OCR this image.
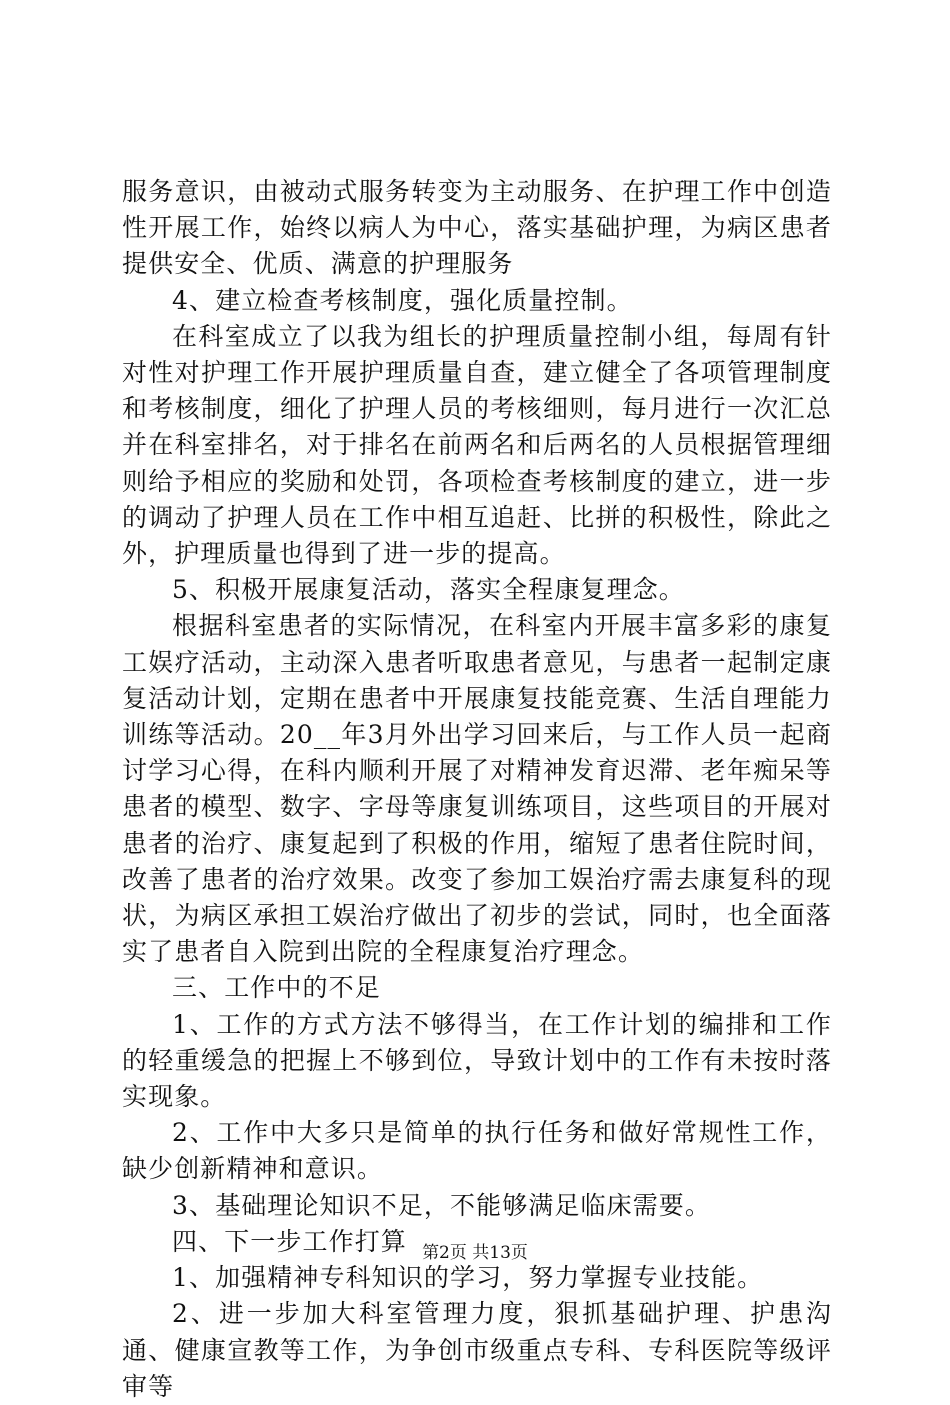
服务意识，由被动式服务转变为主动服务、在护理工作中创造性开展工作，始终以病人为中心，落实基础护理，为病区患者提供安全、优质、满意的护理服务

4、建立检查考核制度，强化质量控制。

在科室成立了以我为组长的护理质量控制小组，每周有针对性对护理工作开展护理质量自查，建立健全了各项管理制度和考核制度，细化了护理人员的考核细则，每月进行一次汇总并在科室排名，对于排名在前两名和后两名的人员根据管理细则给予相应的奖励和处罚，各项检查考核制度的建立，进一步的调动了护理人员在工作中相互追赶、比拼的积极性，除此之外，护理质量也得到了进一步的提高。

5、积极开展康复活动，落实全程康复理念。

根据科室患者的实际情况，在科室内开展丰富多彩的康复工娱疗活动，主动深入患者听取患者意见，与患者一起制定康复活动计划，定期在患者中开展康复技能竞赛、生活自理能力训练等活动。20__年3月外出学习回来后，与工作人员一起商讨学习心得，在科内顺利开展了对精神发育迟滞、老年痴呆等患者的模型、数字、字母等康复训练项目，这些项目的开展对患者的治疗、康复起到了积极的作用，缩短了患者住院时间，改善了患者的治疗效果。改变了参加工娱治疗需去康复科的现状，为病区承担工娱治疗做出了初步的尝试，同时，也全面落实了患者自入院到出院的全程康复治疗理念。

三、工作中的不足

1、工作的方式方法不够得当，在工作计划的编排和工作的轻重缓急的把握上不够到位，导致计划中的工作有未按时落实现象。

2、工作中大多只是简单的执行任务和做好常规性工作，缺少创新精神和意识。

3、基础理论知识不足，不能够满足临床需要。

四、下一步工作打算

1、加强精神专科知识的学习，努力掌握专业技能。

2、进一步加大科室管理力度，狠抓基础护理、护患沟通、健康宣教等工作，为争创市级重点专科、专科医院等级评审等

第2页 共13页
